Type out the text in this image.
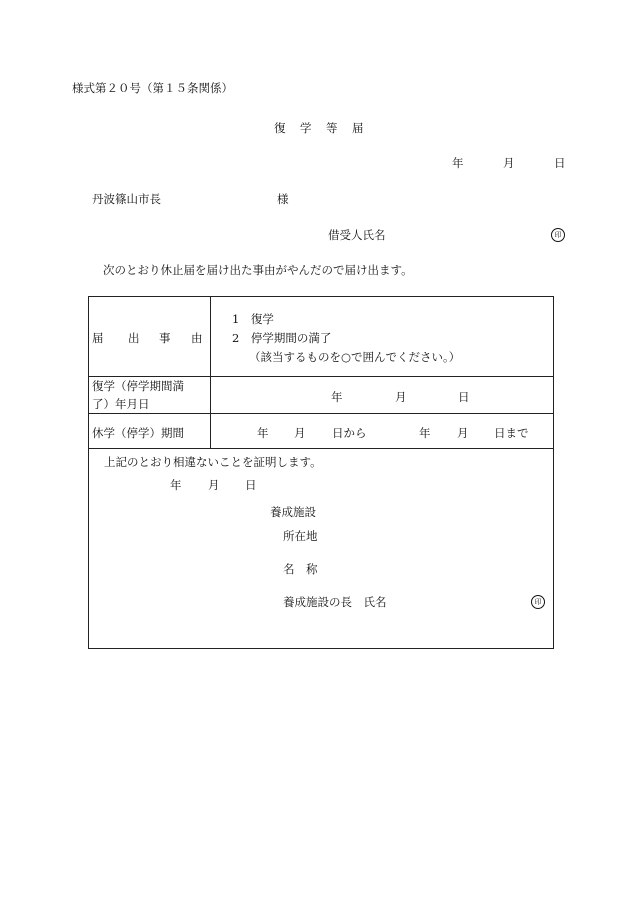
様式第２０号（第１５条関係）
復 学 等 届
年	月	日
丹波篠山市長	様
借受人氏名	印
次のとおり休止届を届け出た事由がやんだので届け出ます。
届 出 事 由
1　復学
2　停学期間の満了
（該当するものを○で囲んでください。）
復学（停学期間満
了）年月日	年	月	日
休学（停学）期間	年 月 日から	年 月 日まで
上記のとおり相違ないことを証明します。
年 月 日
養成施設
所在地
名　称
養成施設の長　氏名	印
